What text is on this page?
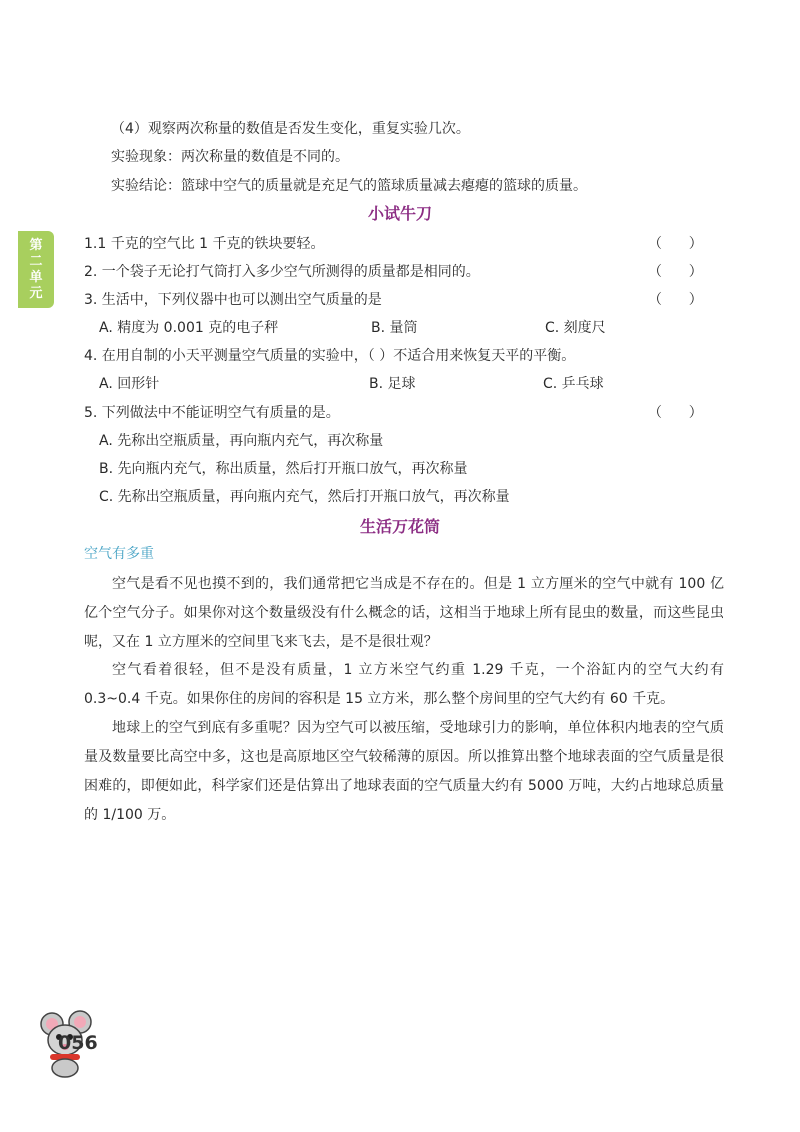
第二单元
（4）观察两次称量的数值是否发生变化，重复实验几次。
实验现象：两次称量的数值是不同的。
实验结论：篮球中空气的质量就是充足气的篮球质量减去瘪瘪的篮球的质量。
小试牛刀
1.1 千克的空气比 1 千克的铁块要轻。	（      ）
2. 一个袋子无论打气筒打入多少空气所测得的质量都是相同的。	（      ）
3. 生活中，下列仪器中也可以测出空气质量的是	（      ）
A. 精度为 0.001 克的电子秤	B. 量筒	C. 刻度尺
4. 在用自制的小天平测量空气质量的实验中，（ ）不适合用来恢复天平的平衡。
A. 回形针	B. 足球	C. 乒乓球
5. 下列做法中不能证明空气有质量的是。	（      ）
A. 先称出空瓶质量，再向瓶内充气，再次称量
B. 先向瓶内充气，称出质量，然后打开瓶口放气，再次称量
C. 先称出空瓶质量，再向瓶内充气，然后打开瓶口放气，再次称量
生活万花筒
空气有多重
空气是看不见也摸不到的，我们通常把它当成是不存在的。但是 1 立方厘米的空气中就有 100 亿亿个空气分子。如果你对这个数量级没有什么概念的话，这相当于地球上所有昆虫的数量，而这些昆虫呢，又在 1 立方厘米的空间里飞来飞去，是不是很壮观？
空气看着很轻，但不是没有质量，1 立方米空气约重 1.29 千克，一个浴缸内的空气大约有 0.3~0.4 千克。如果你住的房间的容积是 15 立方米，那么整个房间里的空气大约有 60 千克。
地球上的空气到底有多重呢？因为空气可以被压缩，受地球引力的影响，单位体积内地表的空气质量及数量要比高空中多，这也是高原地区空气较稀薄的原因。所以推算出整个地球表面的空气质量是很困难的，即便如此，科学家们还是估算出了地球表面的空气质量大约有 5000 万吨，大约占地球总质量的 1/100 万。
056
